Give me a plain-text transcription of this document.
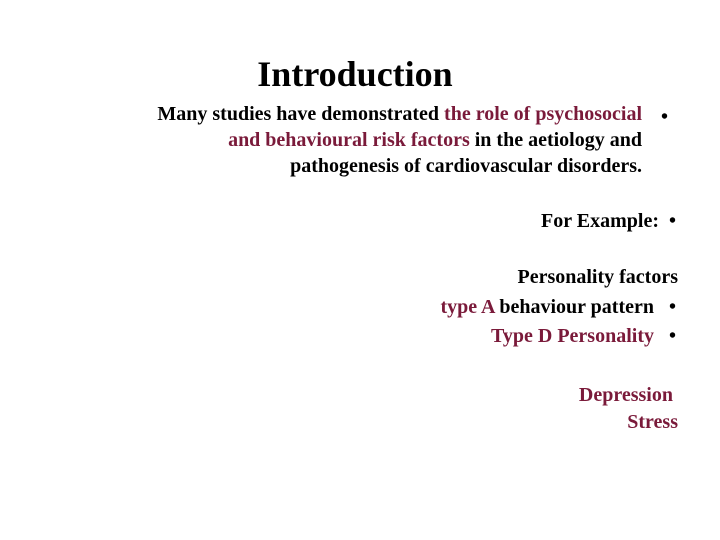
Introduction
Many studies have demonstrated the role of psychosocial
and behavioural risk factors in the aetiology and
pathogenesis of cardiovascular disorders.
•
For Example: •
Personality factors
type A behaviour pattern •
Type D Personality •
Depression
Stress
